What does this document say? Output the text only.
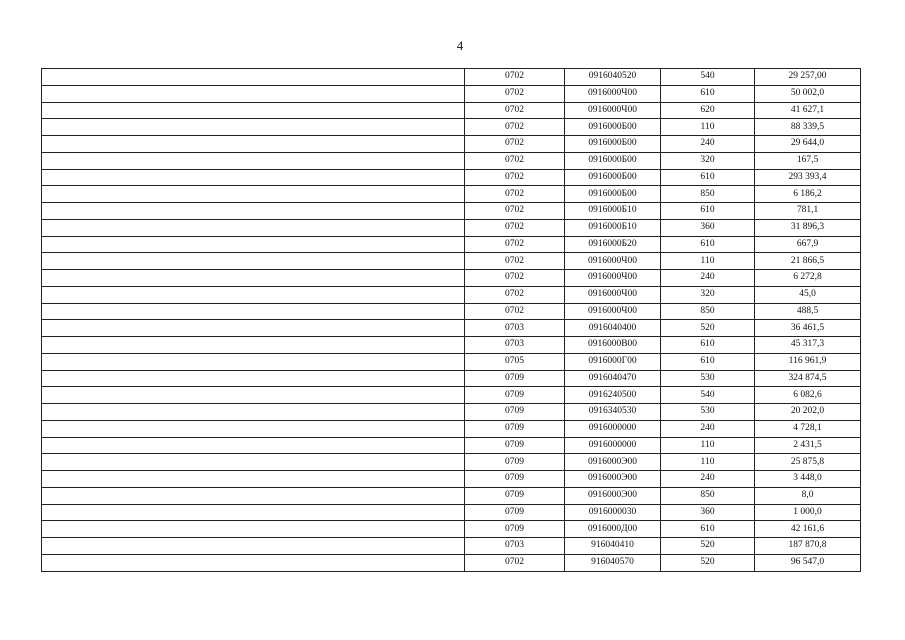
4
	0702	0916040520	540	29 257,00
	0702	0916000Ч00	610	50 002,0
	0702	0916000Ч00	620	41 627,1
	0702	0916000Б00	110	88 339,5
	0702	0916000Б00	240	29 644,0
	0702	0916000Б00	320	167,5
	0702	0916000Б00	610	293 393,4
	0702	0916000Б00	850	6 186,2
	0702	0916000Б10	610	781,1
	0702	0916000Б10	360	31 896,3
	0702	0916000Б20	610	667,9
	0702	0916000Ч00	110	21 866,5
	0702	0916000Ч00	240	6 272,8
	0702	0916000Ч00	320	45,0
	0702	0916000Ч00	850	488,5
	0703	0916040400	520	36 461,5
	0703	0916000В00	610	45 317,3
	0705	0916000Г00	610	116 961,9
	0709	0916040470	530	324 874,5
	0709	0916240500	540	6 082,6
	0709	0916340530	530	20 202,0
	0709	0916000000	240	4 728,1
	0709	0916000000	110	2 431,5
	0709	0916000Э00	110	25 875,8
	0709	0916000Э00	240	3 448,0
	0709	0916000Э00	850	8,0
	0709	0916000030	360	1 000,0
	0709	0916000Д00	610	42 161,6
	0703	916040410	520	187 870,8
	0702	916040570	520	96 547,0
